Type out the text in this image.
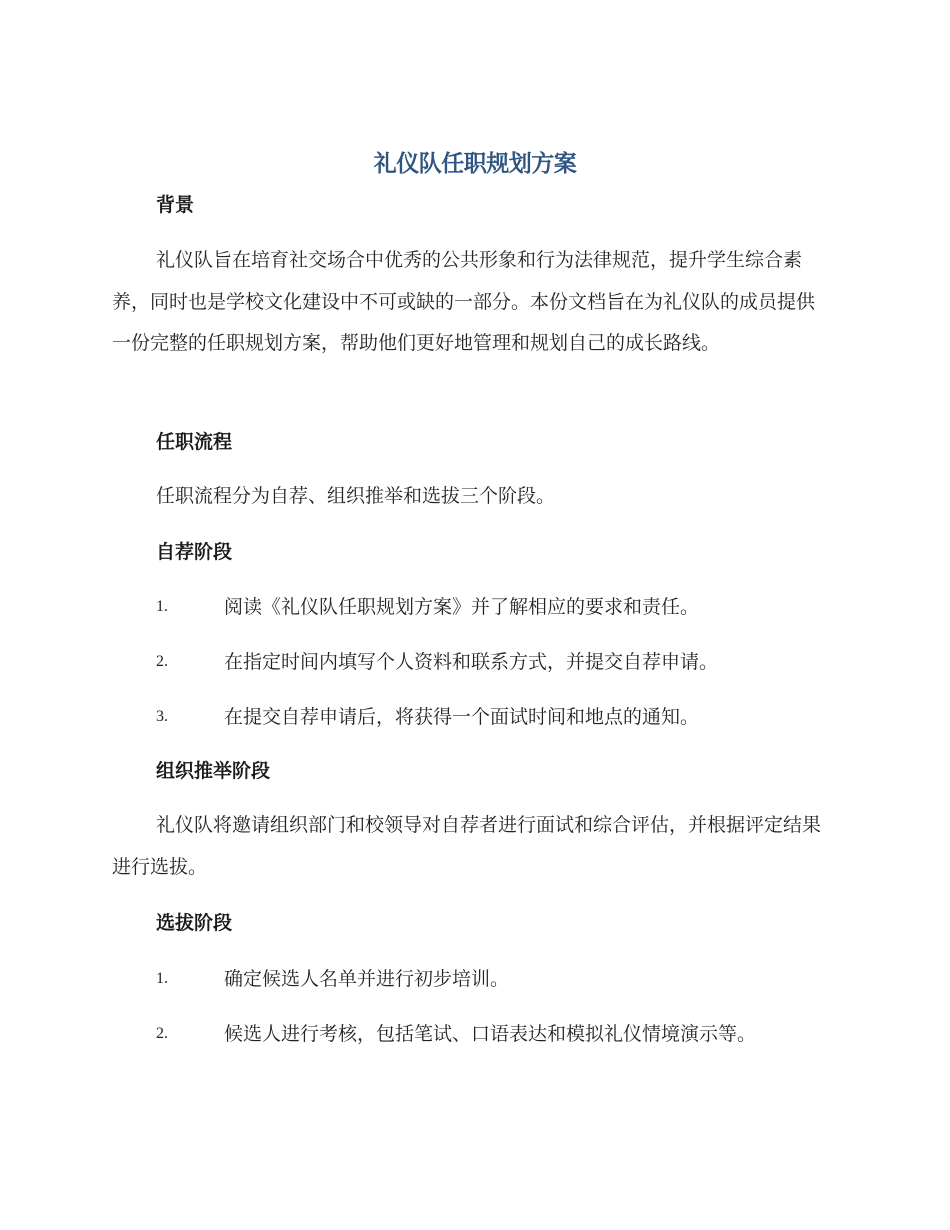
礼仪队任职规划方案
背景
礼仪队旨在培育社交场合中优秀的公共形象和行为法律规范，提升学生综合素养，同时也是学校文化建设中不可或缺的一部分。本份文档旨在为礼仪队的成员提供一份完整的任职规划方案，帮助他们更好地管理和规划自己的成长路线。
任职流程
任职流程分为自荐、组织推举和选拔三个阶段。
自荐阶段
1.	阅读《礼仪队任职规划方案》并了解相应的要求和责任。
2.	在指定时间内填写个人资料和联系方式，并提交自荐申请。
3.	在提交自荐申请后，将获得一个面试时间和地点的通知。
组织推举阶段
礼仪队将邀请组织部门和校领导对自荐者进行面试和综合评估，并根据评定结果进行选拔。
选拔阶段
1.	确定候选人名单并进行初步培训。
2.	候选人进行考核，包括笔试、口语表达和模拟礼仪情境演示等。
